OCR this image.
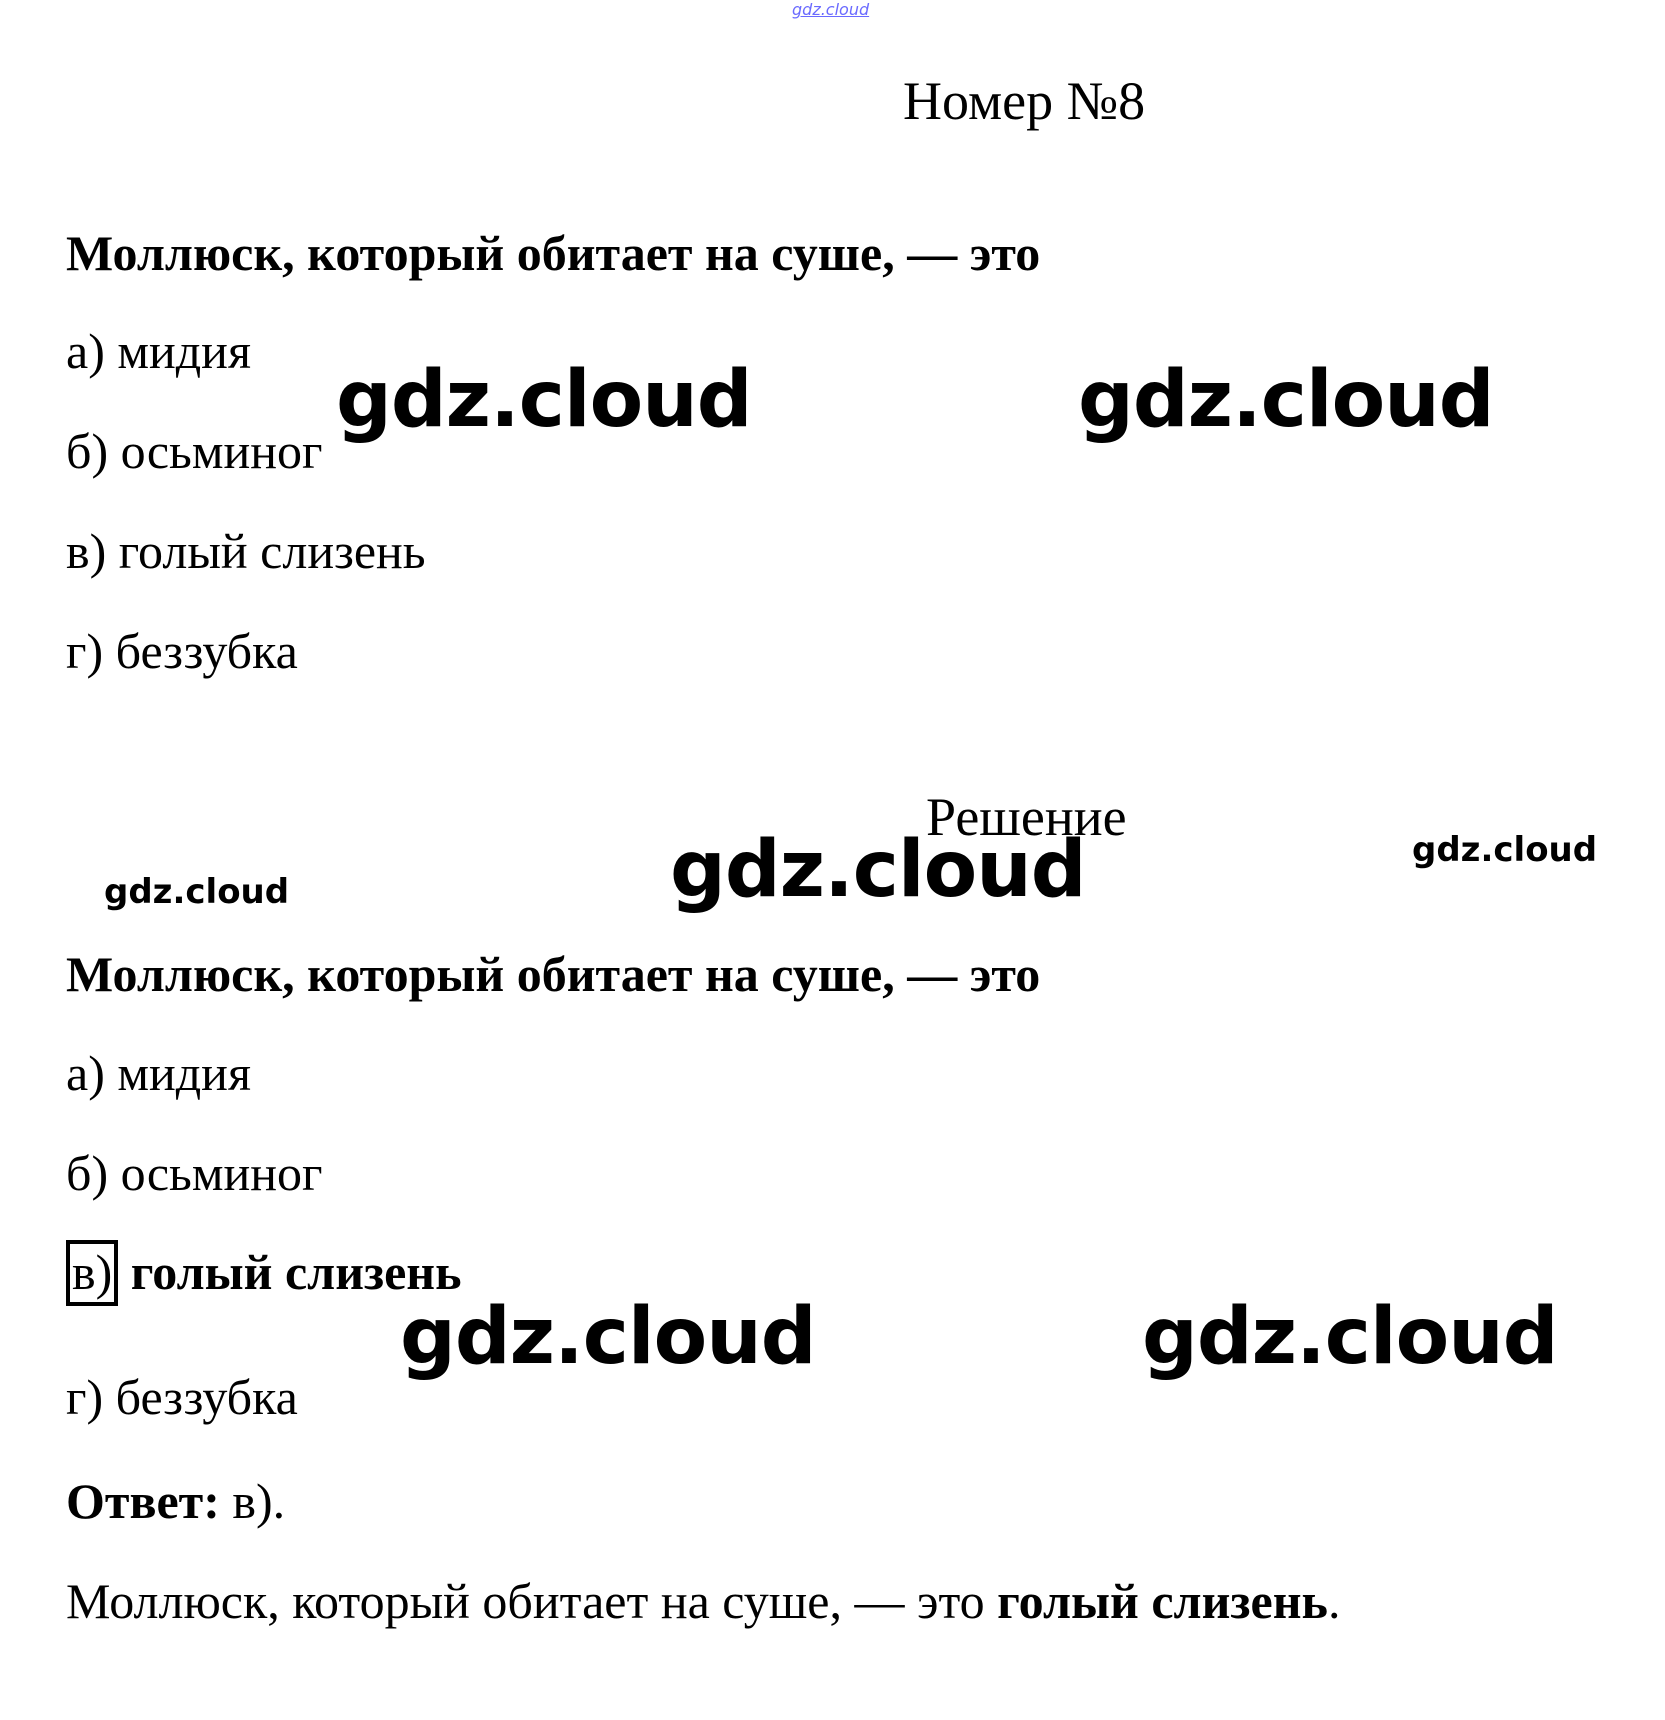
gdz.cloud
Номер №8
Моллюск, который обитает на суше, — это
а) мидия
б) осьминог
в) голый слизень
г) беззубка
Решение
Моллюск, который обитает на суше, — это
а) мидия
б) осьминог
в) голый слизень
г) беззубка
Ответ: в).
Моллюск, который обитает на суше, — это голый слизень.
gdz.cloud	gdz.cloud
gdz.cloud
gdz.cloud	gdz.cloud
gdz.cloud
gdz.cloud
